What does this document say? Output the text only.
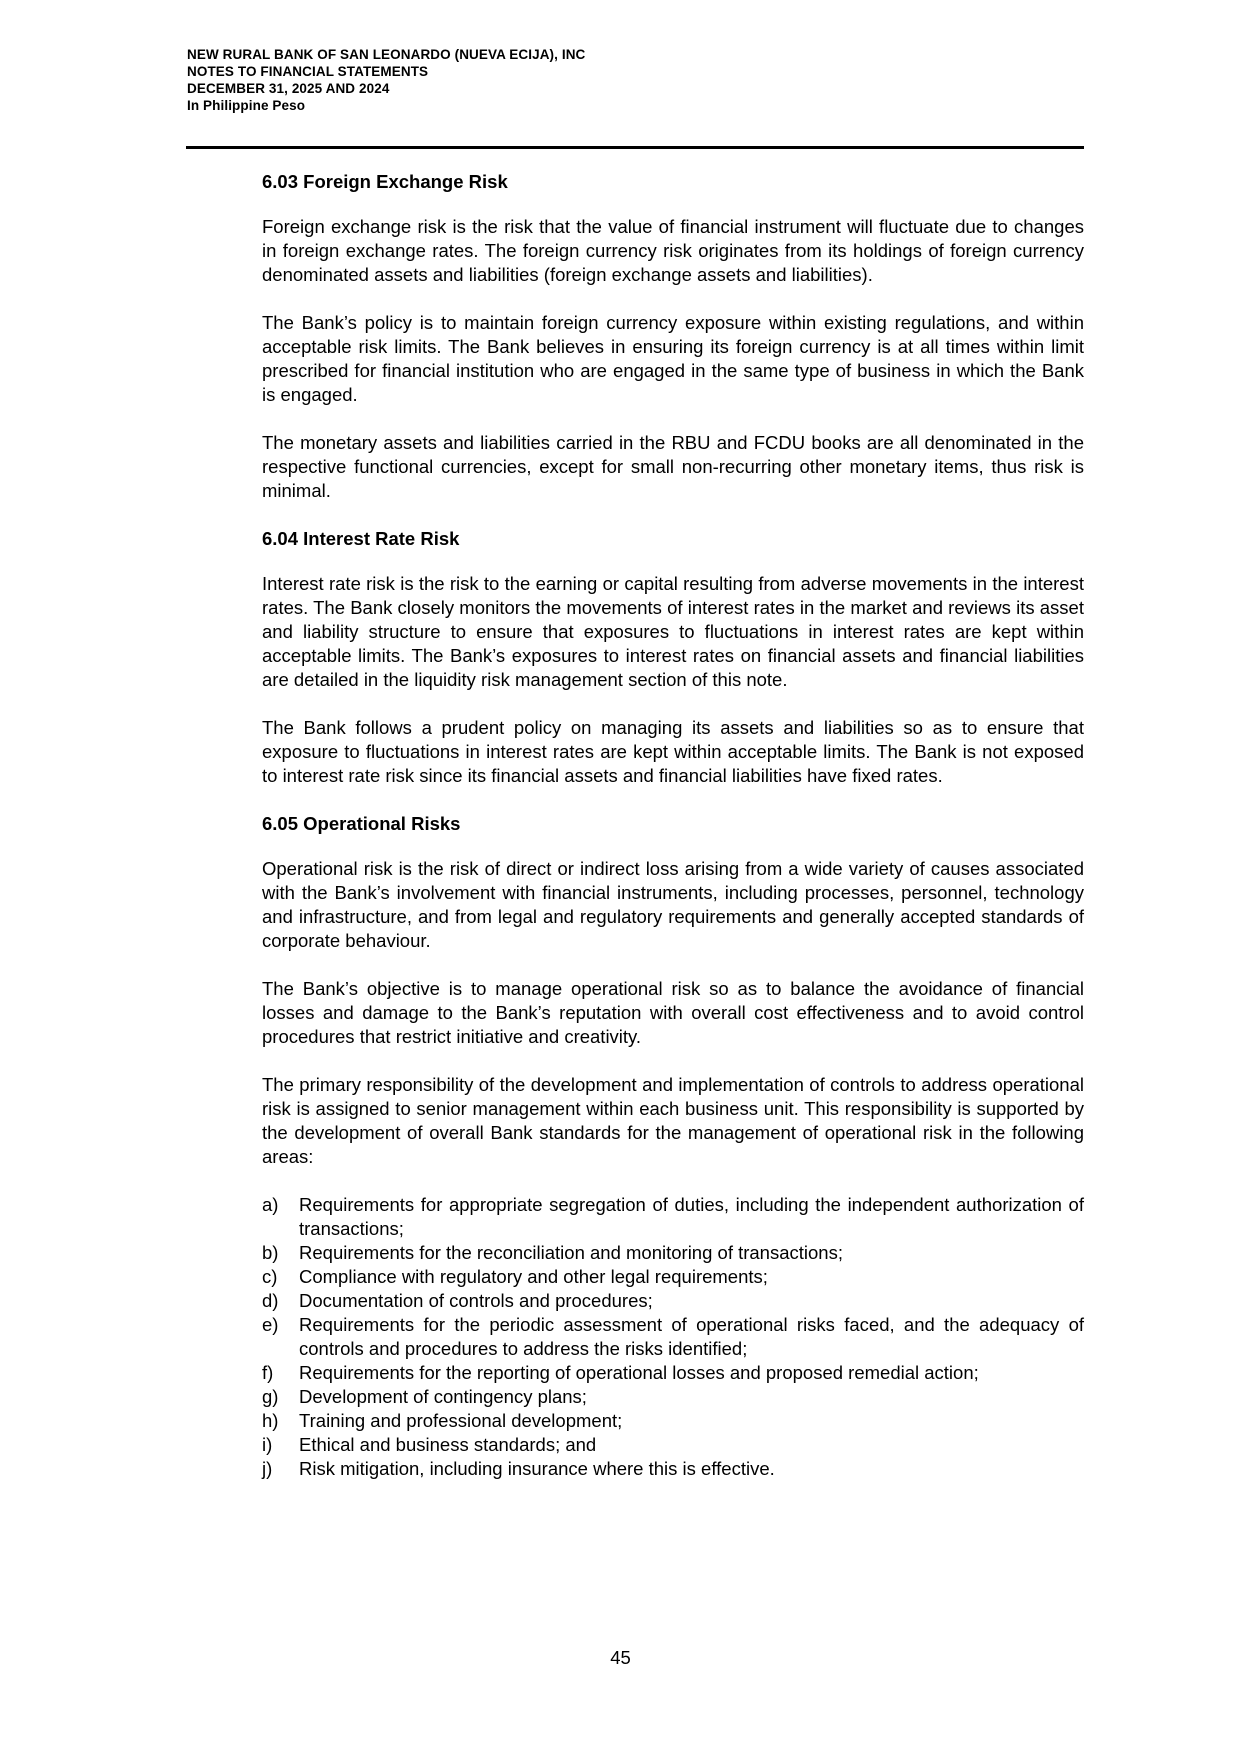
NEW RURAL BANK OF SAN LEONARDO (NUEVA ECIJA), INC
NOTES TO FINANCIAL STATEMENTS
DECEMBER 31, 2025 AND 2024
In Philippine Peso
6.03 Foreign Exchange Risk

Foreign exchange risk is the risk that the value of financial instrument will fluctuate due to changes in foreign exchange rates. The foreign currency risk originates from its holdings of foreign currency denominated assets and liabilities (foreign exchange assets and liabilities).

The Bank’s policy is to maintain foreign currency exposure within existing regulations, and within acceptable risk limits. The Bank believes in ensuring its foreign currency is at all times within limit prescribed for financial institution who are engaged in the same type of business in which the Bank is engaged.

The monetary assets and liabilities carried in the RBU and FCDU books are all denominated in the respective functional currencies, except for small non-recurring other monetary items, thus risk is minimal.

6.04 Interest Rate Risk

Interest rate risk is the risk to the earning or capital resulting from adverse movements in the interest rates. The Bank closely monitors the movements of interest rates in the market and reviews its asset and liability structure to ensure that exposures to fluctuations in interest rates are kept within acceptable limits. The Bank’s exposures to interest rates on financial assets and financial liabilities are detailed in the liquidity risk management section of this note.

The Bank follows a prudent policy on managing its assets and liabilities so as to ensure that exposure to fluctuations in interest rates are kept within acceptable limits. The Bank is not exposed to interest rate risk since its financial assets and financial liabilities have fixed rates.

6.05 Operational Risks

Operational risk is the risk of direct or indirect loss arising from a wide variety of causes associated with the Bank’s involvement with financial instruments, including processes, personnel, technology and infrastructure, and from legal and regulatory requirements and generally accepted standards of corporate behaviour.

The Bank’s objective is to manage operational risk so as to balance the avoidance of financial losses and damage to the Bank’s reputation with overall cost effectiveness and to avoid control procedures that restrict initiative and creativity.

The primary responsibility of the development and implementation of controls to address operational risk is assigned to senior management within each business unit. This responsibility is supported by the development of overall Bank standards for the management of operational risk in the following areas:

a) Requirements for appropriate segregation of duties, including the independent authorization of transactions;
b) Requirements for the reconciliation and monitoring of transactions;
c) Compliance with regulatory and other legal requirements;
d) Documentation of controls and procedures;
e) Requirements for the periodic assessment of operational risks faced, and the adequacy of controls and procedures to address the risks identified;
f) Requirements for the reporting of operational losses and proposed remedial action;
g) Development of contingency plans;
h) Training and professional development;
i) Ethical and business standards; and
j) Risk mitigation, including insurance where this is effective.
45
